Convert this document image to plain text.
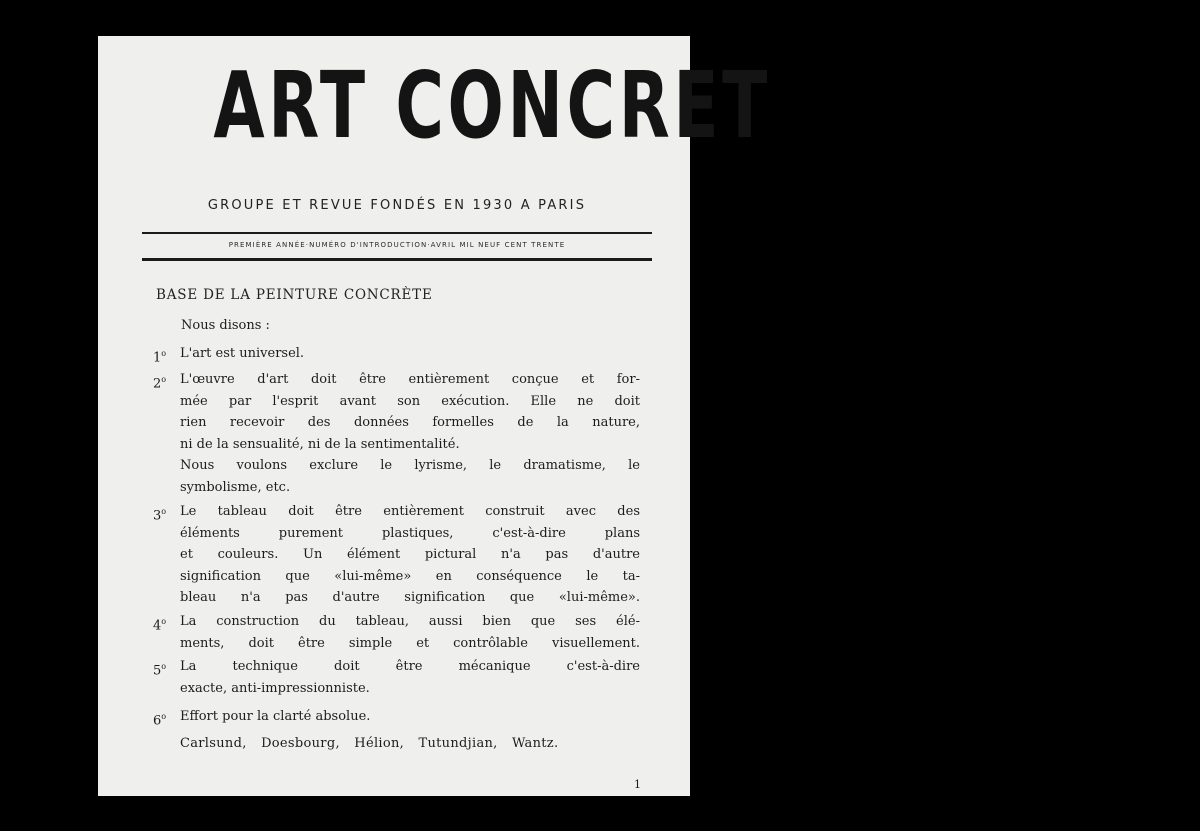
ART CONCRET
GROUPE ET REVUE FONDÉS EN 1930 A PARIS
PREMIÈRE ANNÉE·NUMÉRO D'INTRODUCTION·AVRIL MIL NEUF CENT TRENTE
BASE DE LA PEINTURE CONCRÈTE
Nous disons :
1$^o$	L'art est universel.
2$^o$	L'œuvre d'art doit être entièrement conçue et for-
mée par l'esprit avant son exécution. Elle ne doit
rien recevoir des données formelles de la nature,
ni de la sensualité, ni de la sentimentalité.
Nous voulons exclure le lyrisme, le dramatisme, le
symbolisme, etc.
3$^o$	Le tableau doit être entièrement construit avec des
éléments purement plastiques, c'est-à-dire plans
et couleurs. Un élément pictural n'a pas d'autre
signification que «lui-même» en conséquence le ta-
bleau n'a pas d'autre signification que «lui-même».
4$^o$	La construction du tableau, aussi bien que ses élé-
ments, doit être simple et contrôlable visuellement.
5$^o$	La technique doit être mécanique c'est-à-dire
exacte, anti-impressionniste.
6$^o$	Effort pour la clarté absolue.
Carlsund, Doesbourg, Hélion, Tutundjian, Wantz.
1
